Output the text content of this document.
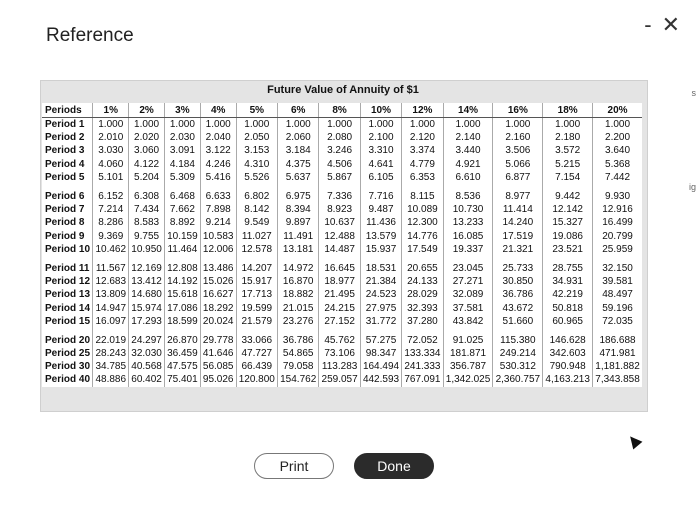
Reference	- ✕
Future Value of Annuity of $1
Periods	1%	2%	3%	4%	5%	6%	8%	10%	12%	14%	16%	18%	20%
Period 1	1.000	1.000	1.000	1.000	1.000	1.000	1.000	1.000	1.000	1.000	1.000	1.000	1.000
Period 2	2.010	2.020	2.030	2.040	2.050	2.060	2.080	2.100	2.120	2.140	2.160	2.180	2.200
Period 3	3.030	3.060	3.091	3.122	3.153	3.184	3.246	3.310	3.374	3.440	3.506	3.572	3.640
Period 4	4.060	4.122	4.184	4.246	4.310	4.375	4.506	4.641	4.779	4.921	5.066	5.215	5.368
Period 5	5.101	5.204	5.309	5.416	5.526	5.637	5.867	6.105	6.353	6.610	6.877	7.154	7.442
Period 6	6.152	6.308	6.468	6.633	6.802	6.975	7.336	7.716	8.115	8.536	8.977	9.442	9.930
Period 7	7.214	7.434	7.662	7.898	8.142	8.394	8.923	9.487	10.089	10.730	11.414	12.142	12.916
Period 8	8.286	8.583	8.892	9.214	9.549	9.897	10.637	11.436	12.300	13.233	14.240	15.327	16.499
Period 9	9.369	9.755	10.159	10.583	11.027	11.491	12.488	13.579	14.776	16.085	17.519	19.086	20.799
Period 10	10.462	10.950	11.464	12.006	12.578	13.181	14.487	15.937	17.549	19.337	21.321	23.521	25.959
Period 11	11.567	12.169	12.808	13.486	14.207	14.972	16.645	18.531	20.655	23.045	25.733	28.755	32.150
Period 12	12.683	13.412	14.192	15.026	15.917	16.870	18.977	21.384	24.133	27.271	30.850	34.931	39.581
Period 13	13.809	14.680	15.618	16.627	17.713	18.882	21.495	24.523	28.029	32.089	36.786	42.219	48.497
Period 14	14.947	15.974	17.086	18.292	19.599	21.015	24.215	27.975	32.393	37.581	43.672	50.818	59.196
Period 15	16.097	17.293	18.599	20.024	21.579	23.276	27.152	31.772	37.280	43.842	51.660	60.965	72.035
Period 20	22.019	24.297	26.870	29.778	33.066	36.786	45.762	57.275	72.052	91.025	115.380	146.628	186.688
Period 25	28.243	32.030	36.459	41.646	47.727	54.865	73.106	98.347	133.334	181.871	249.214	342.603	471.981
Period 30	34.785	40.568	47.575	56.085	66.439	79.058	113.283	164.494	241.333	356.787	530.312	790.948	1,181.882
Period 40	48.886	60.402	75.401	95.026	120.800	154.762	259.057	442.593	767.091	1,342.025	2,360.757	4,163.213	7,343.858
s
ig
Print	Done
